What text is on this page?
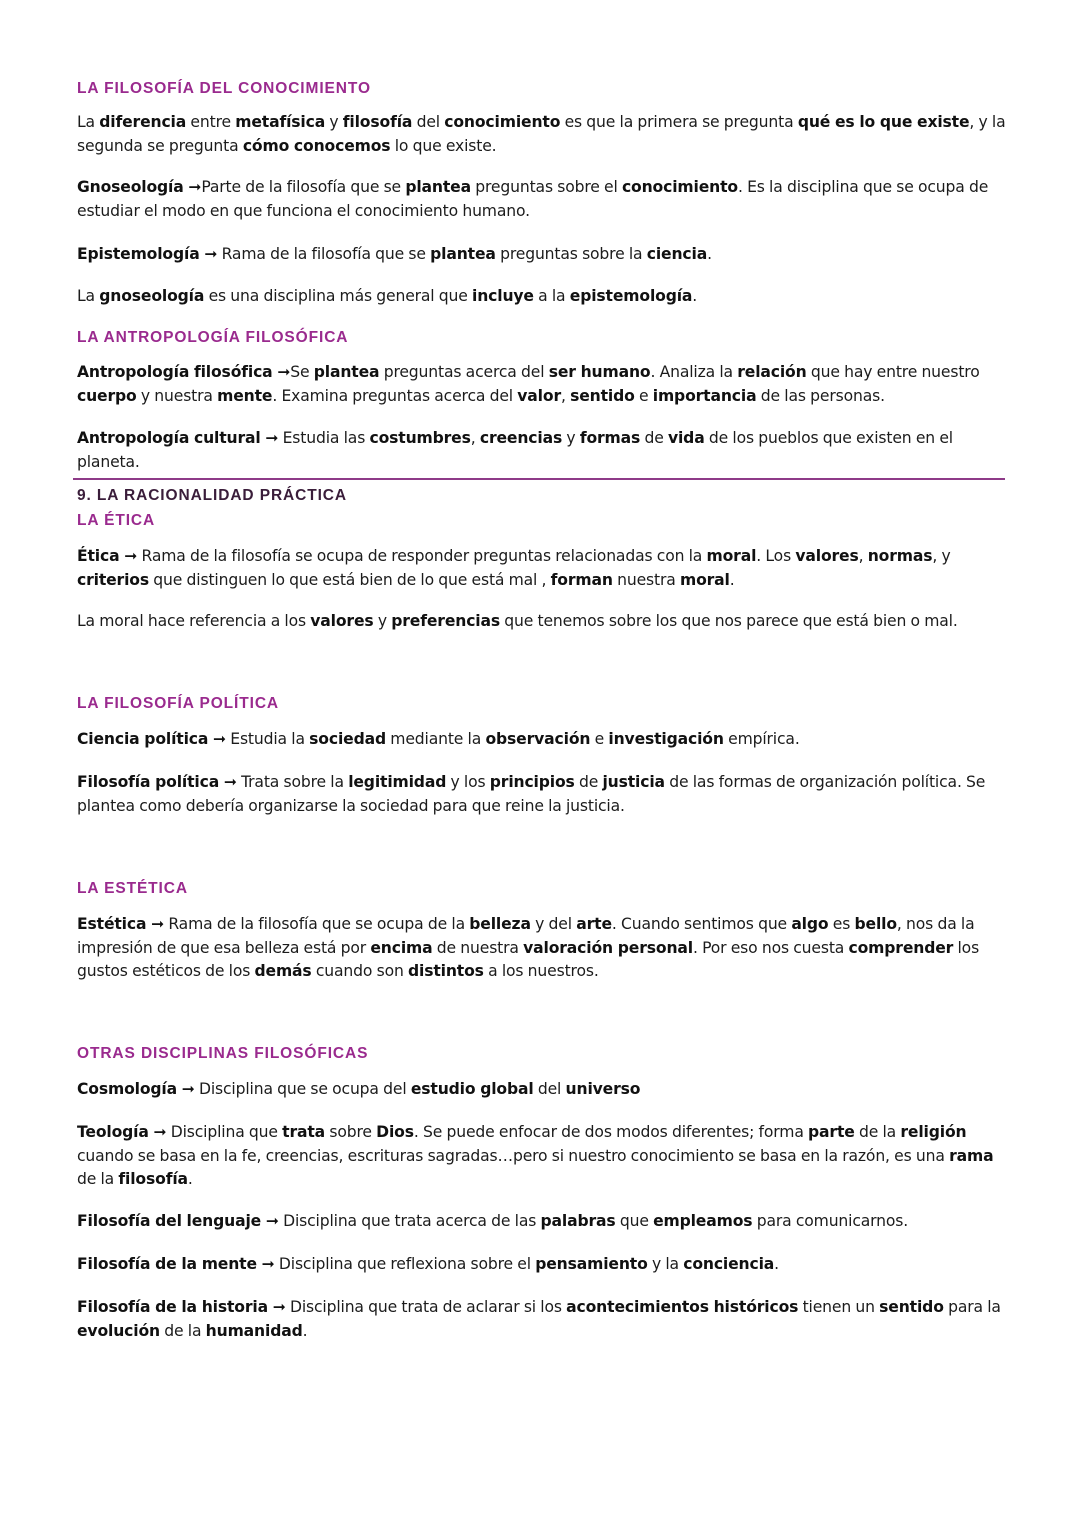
LA FILOSOFÍA DEL CONOCIMIENTO
La diferencia entre metafísica y filosofía del conocimiento es que la primera se pregunta qué es lo que existe, y la segunda se pregunta cómo conocemos lo que existe.
Gnoseología ➞Parte de la filosofía que se plantea preguntas sobre el conocimiento. Es la disciplina que se ocupa de estudiar el modo en que funciona el conocimiento humano.
Epistemología ➞ Rama de la filosofía que se plantea preguntas sobre la ciencia.
La gnoseología es una disciplina más general que incluye a la epistemología.
LA ANTROPOLOGÍA FILOSÓFICA
Antropología filosófica ➞Se plantea preguntas acerca del ser humano. Analiza la relación que hay entre nuestro cuerpo y nuestra mente. Examina preguntas acerca del valor, sentido e importancia de las personas.
Antropología cultural ➞ Estudia las costumbres, creencias y formas de vida de los pueblos que existen en el planeta.
9. LA RACIONALIDAD PRÁCTICA
LA ÉTICA
Ética ➞ Rama de la filosofía se ocupa de responder preguntas relacionadas con la moral. Los valores, normas, y criterios que distinguen lo que está bien de lo que está mal , forman nuestra moral.
La moral hace referencia a los valores y preferencias que tenemos sobre los que nos parece que está bien o mal.
LA FILOSOFÍA POLÍTICA
Ciencia política ➞ Estudia la sociedad mediante la observación e investigación empírica.
Filosofía política ➞ Trata sobre la legitimidad y los principios de justicia de las formas de organización política. Se plantea como debería organizarse la sociedad para que reine la justicia.
LA ESTÉTICA
Estética ➞ Rama de la filosofía que se ocupa de la belleza y del arte. Cuando sentimos que algo es bello, nos da la impresión de que esa belleza está por encima de nuestra valoración personal. Por eso nos cuesta comprender los gustos estéticos de los demás cuando son distintos a los nuestros.
OTRAS DISCIPLINAS FILOSÓFICAS
Cosmología ➞ Disciplina que se ocupa del estudio global del universo
Teología ➞ Disciplina que trata sobre Dios. Se puede enfocar de dos modos diferentes; forma parte de la religión cuando se basa en la fe, creencias, escrituras sagradas…pero si nuestro conocimiento se basa en la razón, es una rama de la filosofía.
Filosofía del lenguaje ➞ Disciplina que trata acerca de las palabras que empleamos para comunicarnos.
Filosofía de la mente ➞ Disciplina que reflexiona sobre el pensamiento y la conciencia.
Filosofía de la historia ➞ Disciplina que trata de aclarar si los acontecimientos históricos tienen un sentido para la evolución de la humanidad.
